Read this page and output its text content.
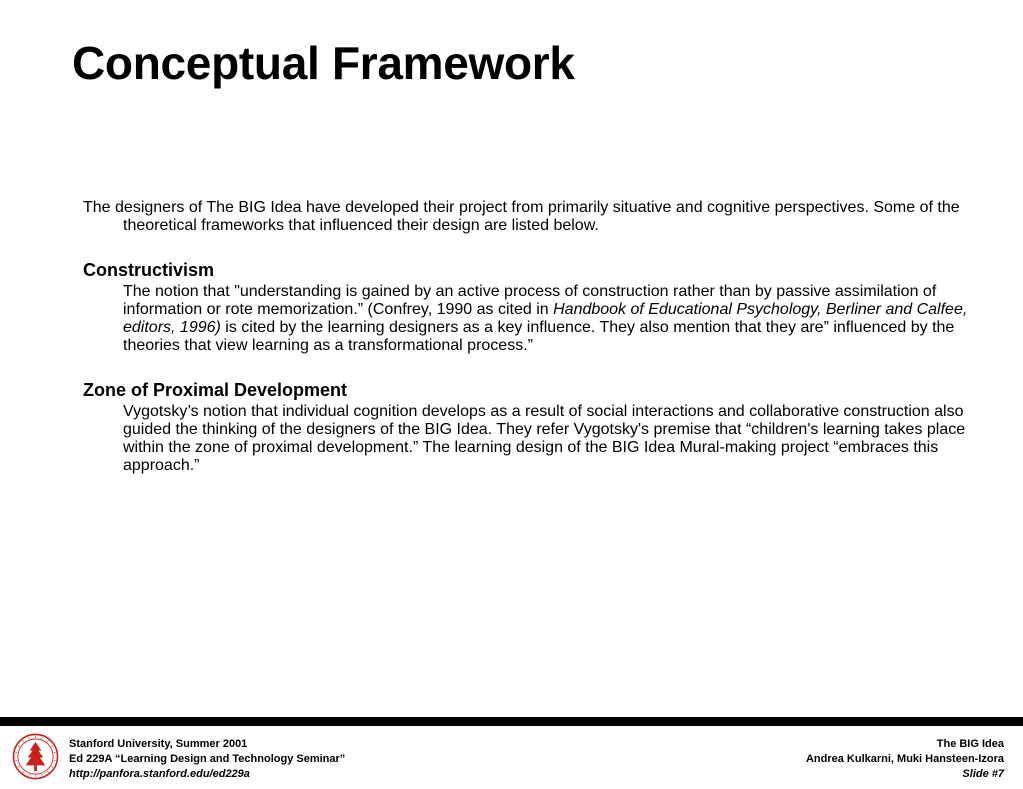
Conceptual Framework

The designers of The BIG Idea have developed their project from primarily situative and cognitive perspectives. Some of the theoretical frameworks that influenced their design are listed below.

Constructivism

The notion that "understanding is gained by an active process of construction rather than by passive assimilation of information or rote memorization.” (Confrey, 1990 as cited in Handbook of Educational Psychology, Berliner and Calfee, editors, 1996) is cited by the learning designers as a key influence. They also mention that they are” influenced by the theories that view learning as a transformational process.”

Zone of Proximal Development

Vygotsky’s notion that individual cognition develops as a result of social interactions and collaborative construction also guided the thinking of the designers of the BIG Idea. They refer Vygotsky's premise that “children's learning takes place within the zone of proximal development.” The learning design of the BIG Idea Mural-making project “embraces this approach.”

Stanford University, Summer 2001
Ed 229A “Learning Design and Technology Seminar”
http://panfora.stanford.edu/ed229a
The BIG Idea
Andrea Kulkarni, Muki Hansteen-Izora
Slide #7
